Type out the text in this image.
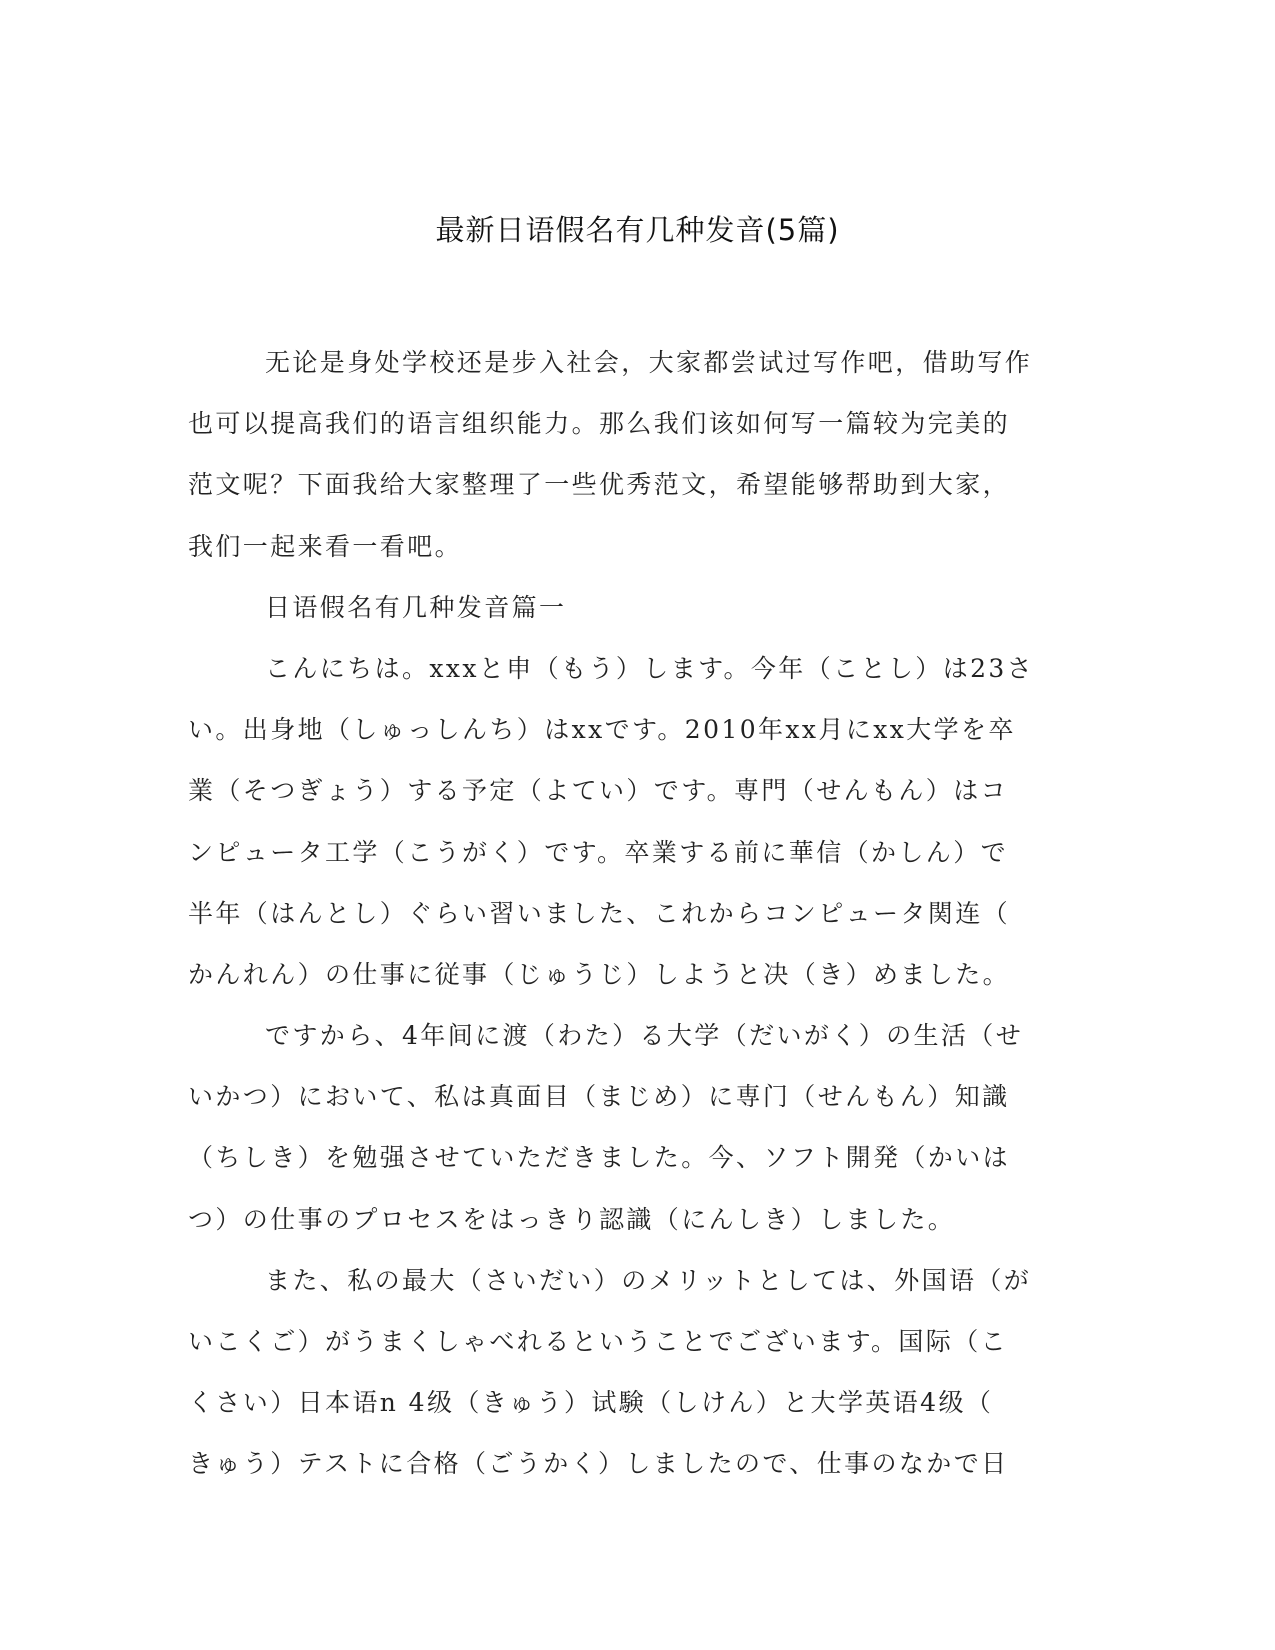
最新日语假名有几种发音(5篇)
无论是身处学校还是步入社会，大家都尝试过写作吧，借助写作
也可以提高我们的语言组织能力。那么我们该如何写一篇较为完美的
范文呢？下面我给大家整理了一些优秀范文，希望能够帮助到大家，
我们一起来看一看吧。
日语假名有几种发音篇一
こんにちは。xxxと申（もう）します。今年（ことし）は23さ
い。出身地（しゅっしんち）はxxです。2010年xx月にxx大学を卒
業（そつぎょう）する予定（よてい）です。専門（せんもん）はコ
ンピュータ工学（こうがく）です。卒業する前に華信（かしん）で
半年（はんとし）ぐらい習いました、これからコンピュータ関连（
かんれん）の仕事に従事（じゅうじ）しようと决（き）めました。
ですから、4年间に渡（わた）る大学（だいがく）の生活（せ
いかつ）において、私は真面目（まじめ）に専门（せんもん）知識
（ちしき）を勉强させていただきました。今、ソフト開発（かいは
つ）の仕事のプロセスをはっきり認識（にんしき）しました。
また、私の最大（さいだい）のメリットとしては、外国语（が
いこくご）がうまくしゃべれるということでございます。国际（こ
くさい）日本语n 4级（きゅう）试験（しけん）と大学英语4级（
きゅう）テストに合格（ごうかく）しましたので、仕事のなかで日
